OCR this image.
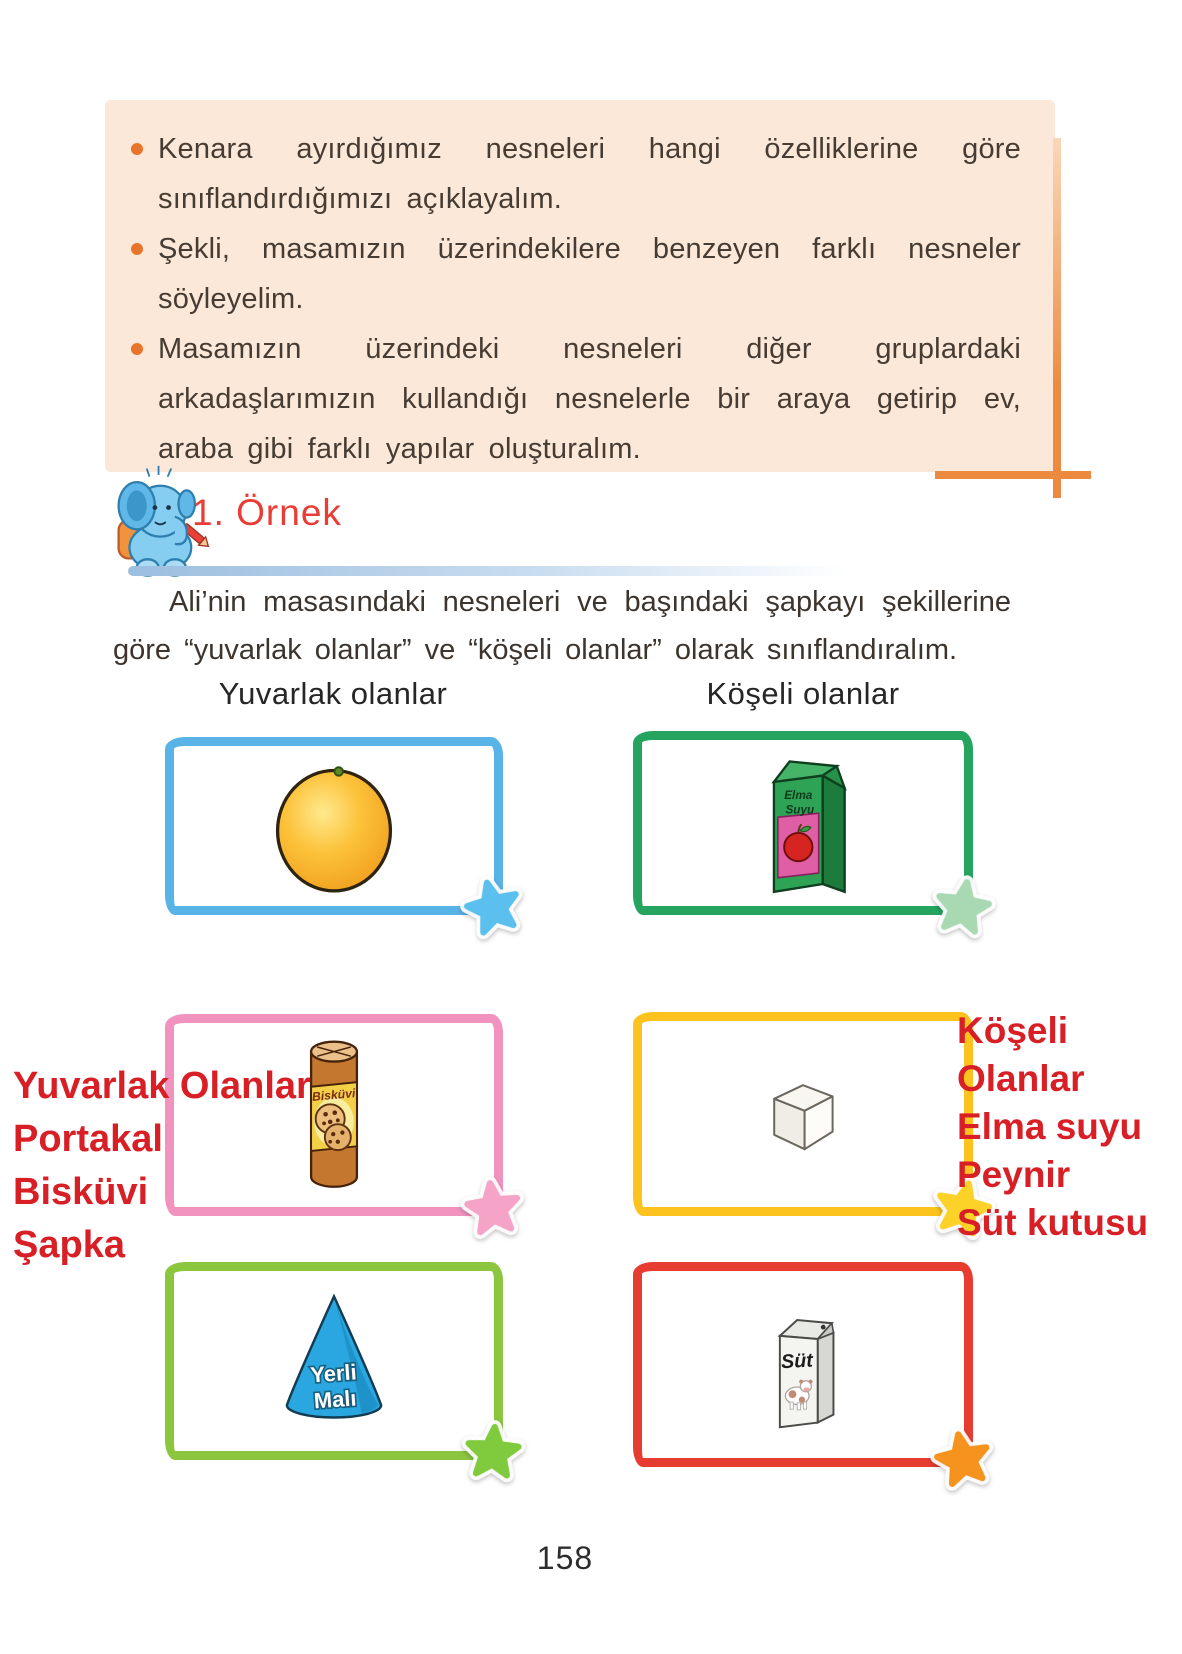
Kenara ayırdığımız nesneleri hangi özelliklerine göre sınıflandırdığımızı açıklayalım.
Şekli, masamızın üzerindekilere benzeyen farklı nesneler söyleyelim.
Masamızın üzerindeki nesneleri diğer gruplardaki arkadaşlarımızın kullandığı nesnelerle bir araya getirip ev, araba gibi farklı yapılar oluşturalım.
1. Örnek

Ali’nin masasındaki nesneleri ve başındaki şapkayı şekillerine göre “yuvarlak olanlar” ve “köşeli olanlar” olarak sınıflandıralım.

Yuvarlak olanlar	Köşeli olanlar
Elma
Suyu
Bisküvi
Yerli
Malı
Süt
Yuvarlak Olanlar
Portakal
Bisküvi
Şapka
Köşeli
Olanlar
Elma suyu
Peynir
Süt kutusu
158
